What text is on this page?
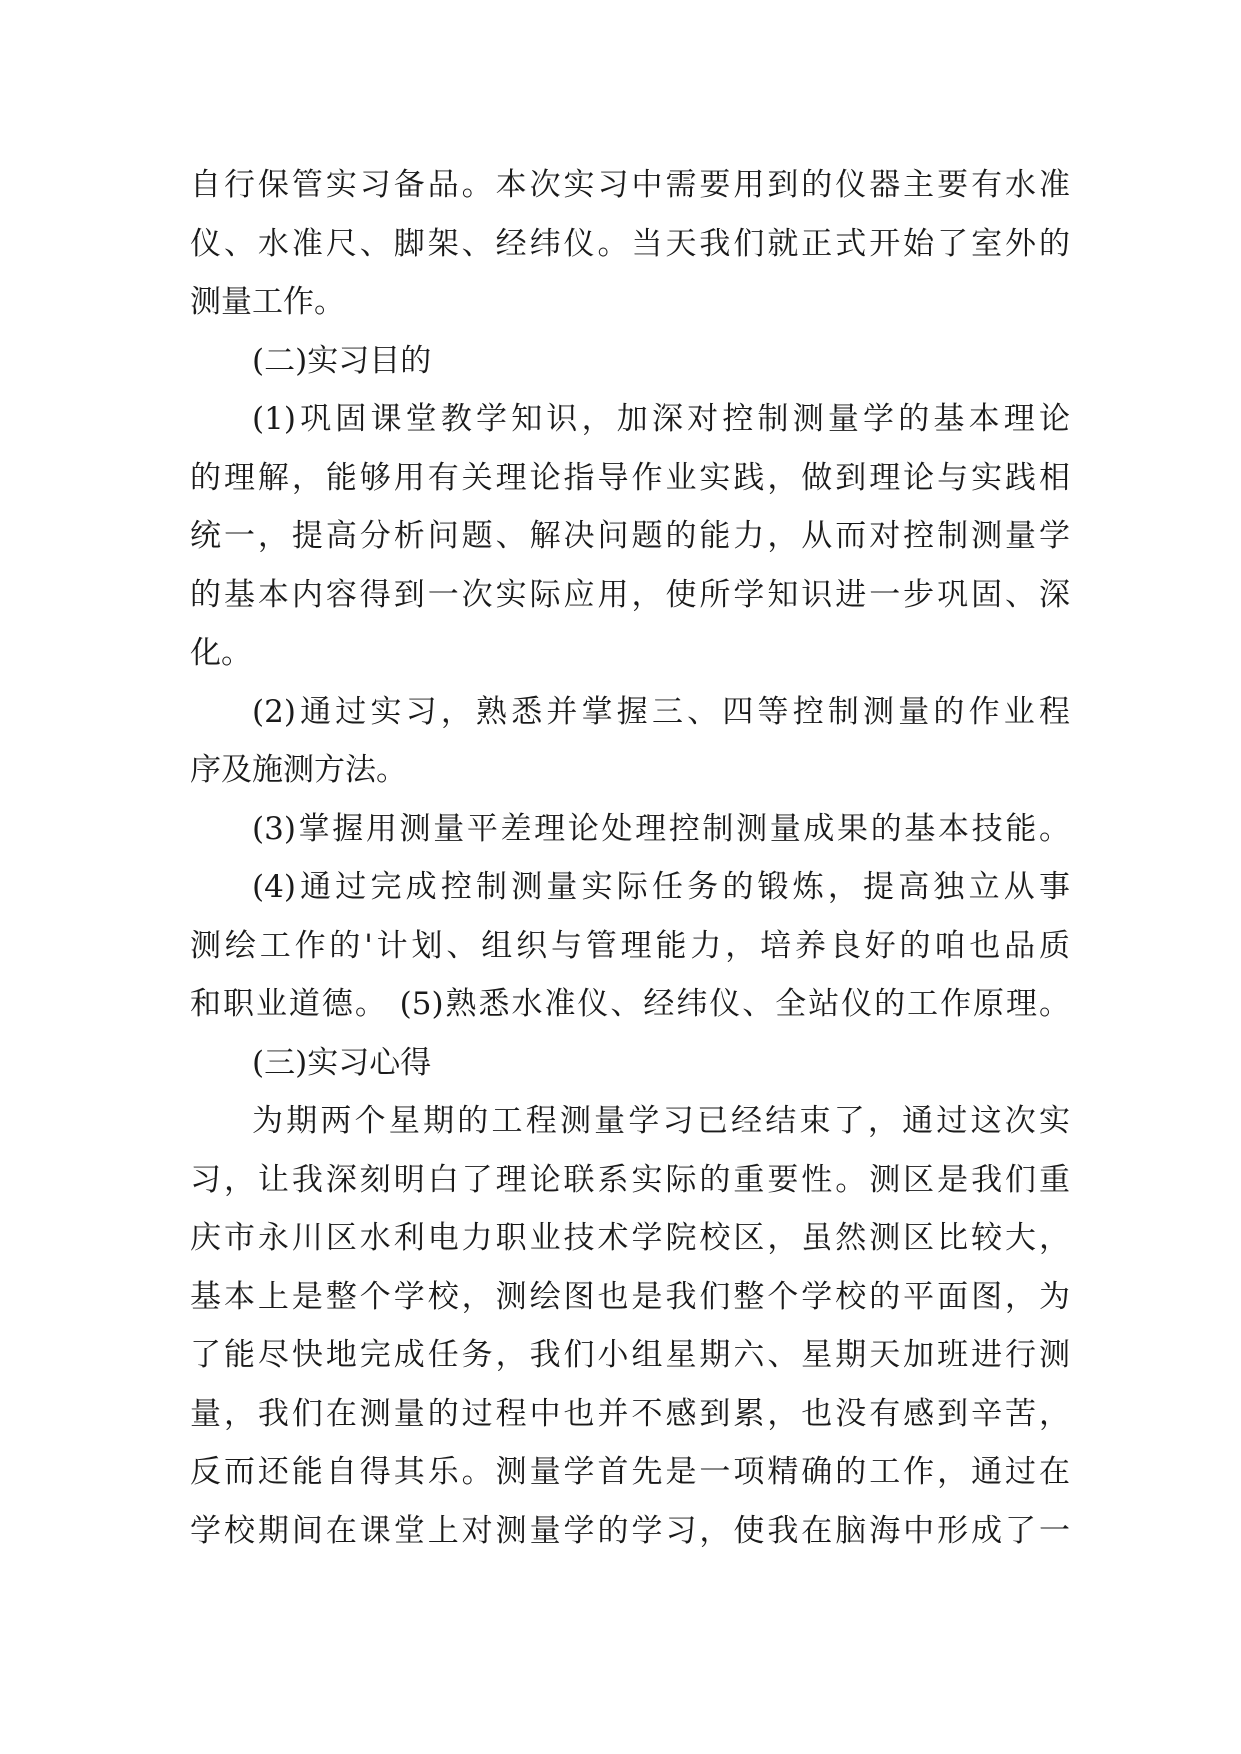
自行保管实习备品。本次实习中需要用到的仪器主要有水准
仪、水准尺、脚架、经纬仪。当天我们就正式开始了室外的
测量工作。
(二)实习目的
(1)巩固课堂教学知识，加深对控制测量学的基本理论
的理解，能够用有关理论指导作业实践，做到理论与实践相
统一，提高分析问题、解决问题的能力，从而对控制测量学
的基本内容得到一次实际应用，使所学知识进一步巩固、深
化。
(2)通过实习，熟悉并掌握三、四等控制测量的作业程
序及施测方法。
(3)掌握用测量平差理论处理控制测量成果的基本技能。
(4)通过完成控制测量实际任务的锻炼，提高独立从事
测绘工作的'计划、组织与管理能力，培养良好的咱也品质
和职业道德。 (5)熟悉水准仪、经纬仪、全站仪的工作原理。
(三)实习心得
为期两个星期的工程测量学习已经结束了，通过这次实
习，让我深刻明白了理论联系实际的重要性。测区是我们重
庆市永川区水利电力职业技术学院校区，虽然测区比较大，
基本上是整个学校，测绘图也是我们整个学校的平面图，为
了能尽快地完成任务，我们小组星期六、星期天加班进行测
量，我们在测量的过程中也并不感到累，也没有感到辛苦，
反而还能自得其乐。测量学首先是一项精确的工作，通过在
学校期间在课堂上对测量学的学习，使我在脑海中形成了一
